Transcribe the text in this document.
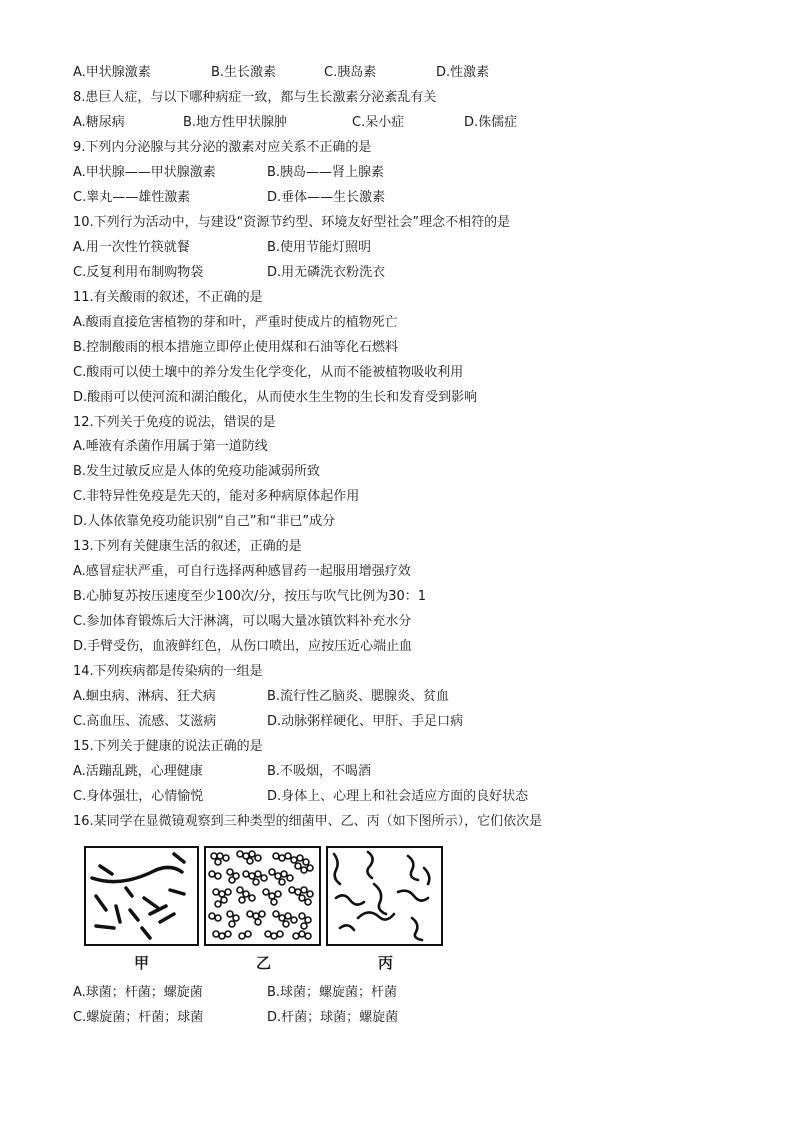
A.甲状腺激素	B.生长激素	C.胰岛素	D.性激素
8.患巨人症，与以下哪种病症一致，都与生长激素分泌紊乱有关
A.糖尿病	B.地方性甲状腺肿	C.呆小症	D.侏儒症
9.下列内分泌腺与其分泌的激素对应关系不正确的是
A.甲状腺——甲状腺激素	B.胰岛——肾上腺素
C.睾丸——雄性激素	D.垂体——生长激素
10.下列行为活动中，与建设“资源节约型、环境友好型社会”理念不相符的是
A.用一次性竹筷就餐	B.使用节能灯照明
C.反复利用布制购物袋	D.用无磷洗衣粉洗衣
11.有关酸雨的叙述，不正确的是
A.酸雨直接危害植物的芽和叶，严重时使成片的植物死亡
B.控制酸雨的根本措施立即停止使用煤和石油等化石燃料
C.酸雨可以使土壤中的养分发生化学变化，从而不能被植物吸收利用
D.酸雨可以使河流和湖泊酸化，从而使水生生物的生长和发育受到影响
12.下列关于免疫的说法，错误的是
A.唾液有杀菌作用属于第一道防线
B.发生过敏反应是人体的免疫功能减弱所致
C.非特异性免疫是先天的，能对多种病原体起作用
D.人体依靠免疫功能识别“自己”和“非已”成分
13.下列有关健康生活的叙述，正确的是
A.感冒症状严重，可自行选择两种感冒药一起服用增强疗效
B.心肺复苏按压速度至少100次/分，按压与吹气比例为30：1
C.参加体育锻炼后大汗淋漓，可以喝大量冰镇饮料补充水分
D.手臂受伤，血液鲜红色，从伤口喷出，应按压近心端止血
14.下列疾病都是传染病的一组是
A.蛔虫病、淋病、狂犬病	B.流行性乙脑炎、腮腺炎、贫血
C.高血压、流感、艾滋病	D.动脉粥样硬化、甲肝、手足口病
15.下列关于健康的说法正确的是
A.活蹦乱跳，心理健康	B.不吸烟，不喝酒
C.身体强壮，心情愉悦	D.身体上、心理上和社会适应方面的良好状态
16.某同学在显微镜观察到三种类型的细菌甲、乙、丙（如下图所示），它们依次是
甲	乙	丙
A.球菌；杆菌；螺旋菌	B.球菌；螺旋菌；杆菌
C.螺旋菌；杆菌；球菌	D.杆菌；球菌；螺旋菌
